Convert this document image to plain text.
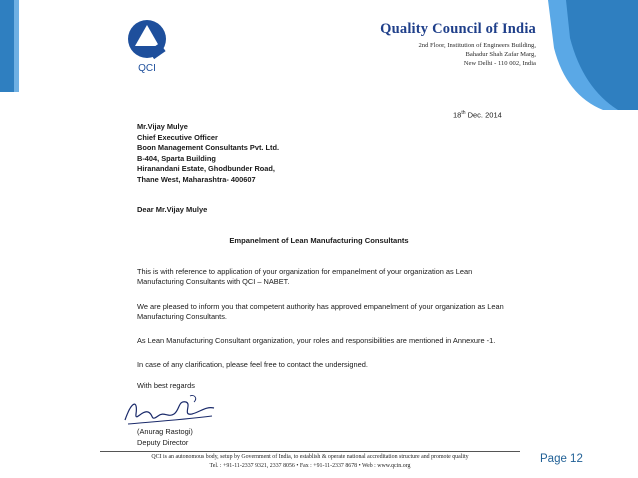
QCI
Quality Council of India
2nd Floor, Institution of Engineers Building,
Bahadur Shah Zafar Marg,
New Delhi - 110 002, India
18th Dec. 2014
Mr.Vijay Mulye
Chief Executive Officer
Boon Management Consultants Pvt. Ltd.
B-404, Sparta Building
Hiranandani Estate, Ghodbunder Road,
Thane West, Maharashtra- 400607
Dear Mr.Vijay Mulye
Empanelment of Lean Manufacturing Consultants
This is with reference to application of your organization for empanelment of your organization as Lean Manufacturing Consultants with QCI – NABET.
We are pleased to inform you that competent authority has approved empanelment of your organization as Lean Manufacturing Consultants.
As Lean Manufacturing Consultant organization, your roles and responsibilities are mentioned in Annexure -1.
In case of any clarification, please feel free to contact the undersigned.
With best regards
(Anurag Rastogi)
Deputy Director
QCI is an autonomous body, setup by Government of India, to establish & operate national accreditation structure and promote quality
Tel. : +91-11-2337 9321, 2337 8056 • Fax : +91-11-2337 8678 • Web : www.qcin.org
Page 12
